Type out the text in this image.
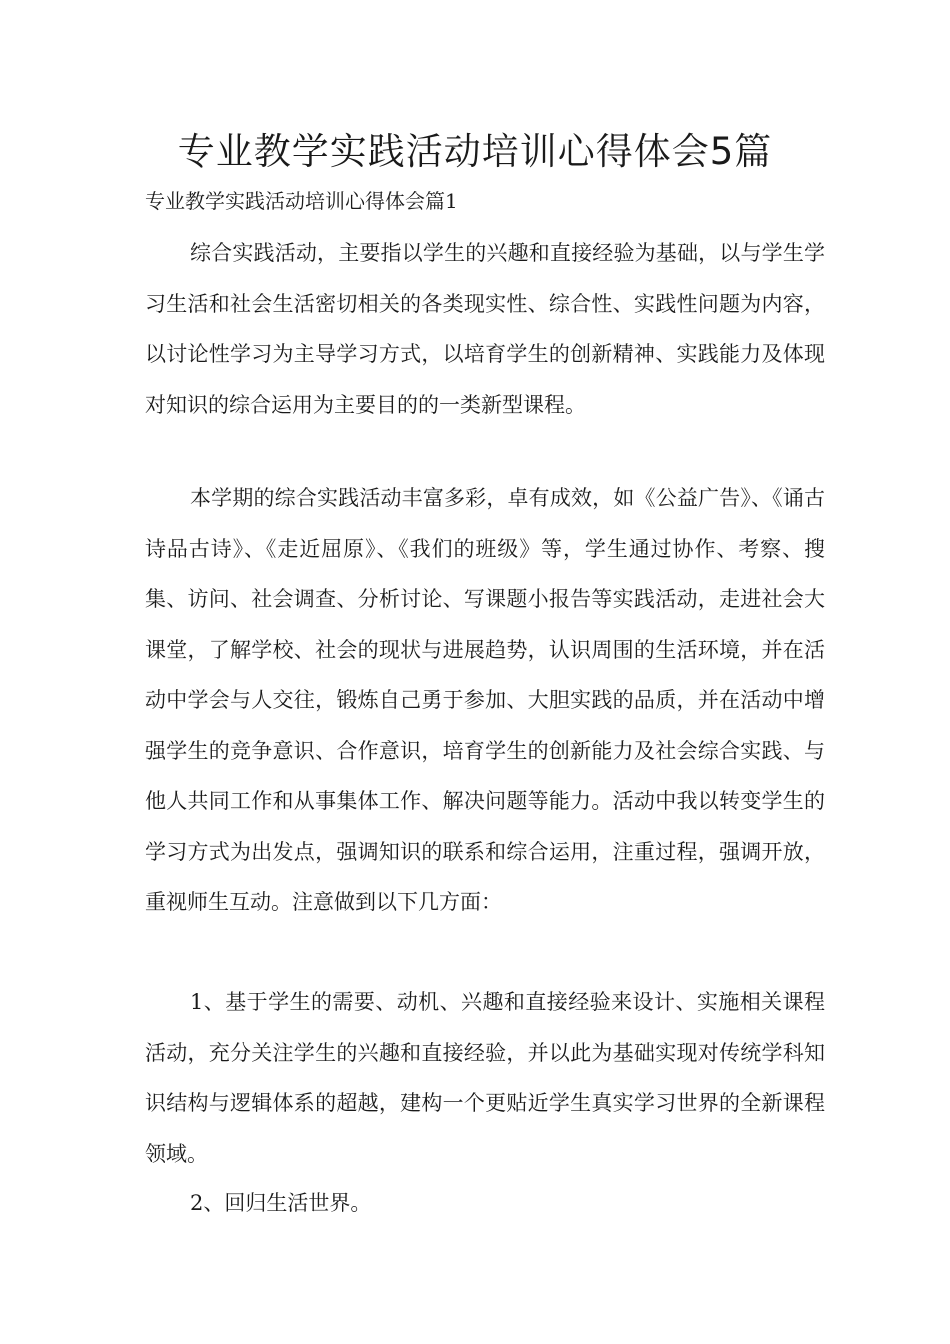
专业教学实践活动培训心得体会5篇

专业教学实践活动培训心得体会篇1

综合实践活动，主要指以学生的兴趣和直接经验为基础，以与学生学习生活和社会生活密切相关的各类现实性、综合性、实践性问题为内容，以讨论性学习为主导学习方式，以培育学生的创新精神、实践能力及体现对知识的综合运用为主要目的的一类新型课程。

本学期的综合实践活动丰富多彩，卓有成效，如《公益广告》、《诵古诗品古诗》、《走近屈原》、《我们的班级》等，学生通过协作、考察、搜集、访问、社会调查、分析讨论、写课题小报告等实践活动，走进社会大课堂，了解学校、社会的现状与进展趋势，认识周围的生活环境，并在活动中学会与人交往，锻炼自己勇于参加、大胆实践的品质，并在活动中增强学生的竞争意识、合作意识，培育学生的创新能力及社会综合实践、与他人共同工作和从事集体工作、解决问题等能力。活动中我以转变学生的学习方式为出发点，强调知识的联系和综合运用，注重过程，强调开放，重视师生互动。注意做到以下几方面：

1、基于学生的需要、动机、兴趣和直接经验来设计、实施相关课程活动，充分关注学生的兴趣和直接经验，并以此为基础实现对传统学科知识结构与逻辑体系的超越，建构一个更贴近学生真实学习世界的全新课程领域。

2、回归生活世界。
